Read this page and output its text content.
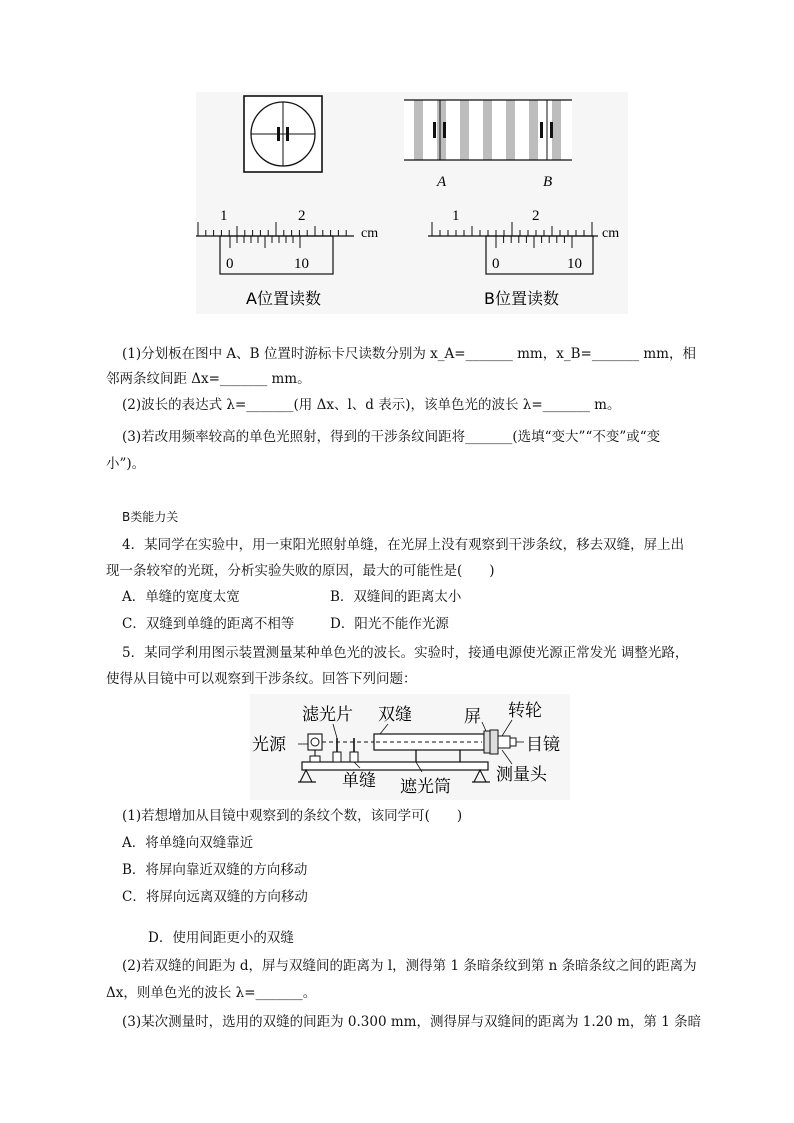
A	B
1	2
cm
0	10
A位置读数
1	2
cm
0	10
B位置读数
(1)分划板在图中 A、B 位置时游标卡尺读数分别为 x_A=_______ mm，x_B=_______ mm，相
邻两条纹间距 Δx=_______ mm。
(2)波长的表达式 λ=_______(用 Δx、l、d 表示)，该单色光的波长 λ=_______ m。
(3)若改用频率较高的单色光照射，得到的干涉条纹间距将_______(选填“变大”“不变”或“变
小”)。
B类能力关
4．某同学在实验中，用一束阳光照射单缝，在光屏上没有观察到干涉条纹，移去双缝，屏上出
现一条较窄的光斑，分析实验失败的原因，最大的可能性是(　　)
A．单缝的宽度太宽	B．双缝间的距离太小
C．双缝到单缝的距离不相等	D．阳光不能作光源
5．某同学利用图示装置测量某种单色光的波长。实验时，接通电源使光源正常发光 调整光路，
使得从目镜中可以观察到干涉条纹。回答下列问题：
滤光片 双缝	屏 转轮
光源	目镜
单缝 遮光筒
测量头
(1)若想增加从目镜中观察到的条纹个数，该同学可(　　)
A．将单缝向双缝靠近
B．将屏向靠近双缝的方向移动
C．将屏向远离双缝的方向移动
D．使用间距更小的双缝
(2)若双缝的间距为 d，屏与双缝间的距离为 l，测得第 1 条暗条纹到第 n 条暗条纹之间的距离为
Δx，则单色光的波长 λ=_______。
(3)某次测量时，选用的双缝的间距为 0.300 mm，测得屏与双缝间的距离为 1.20 m，第 1 条暗
